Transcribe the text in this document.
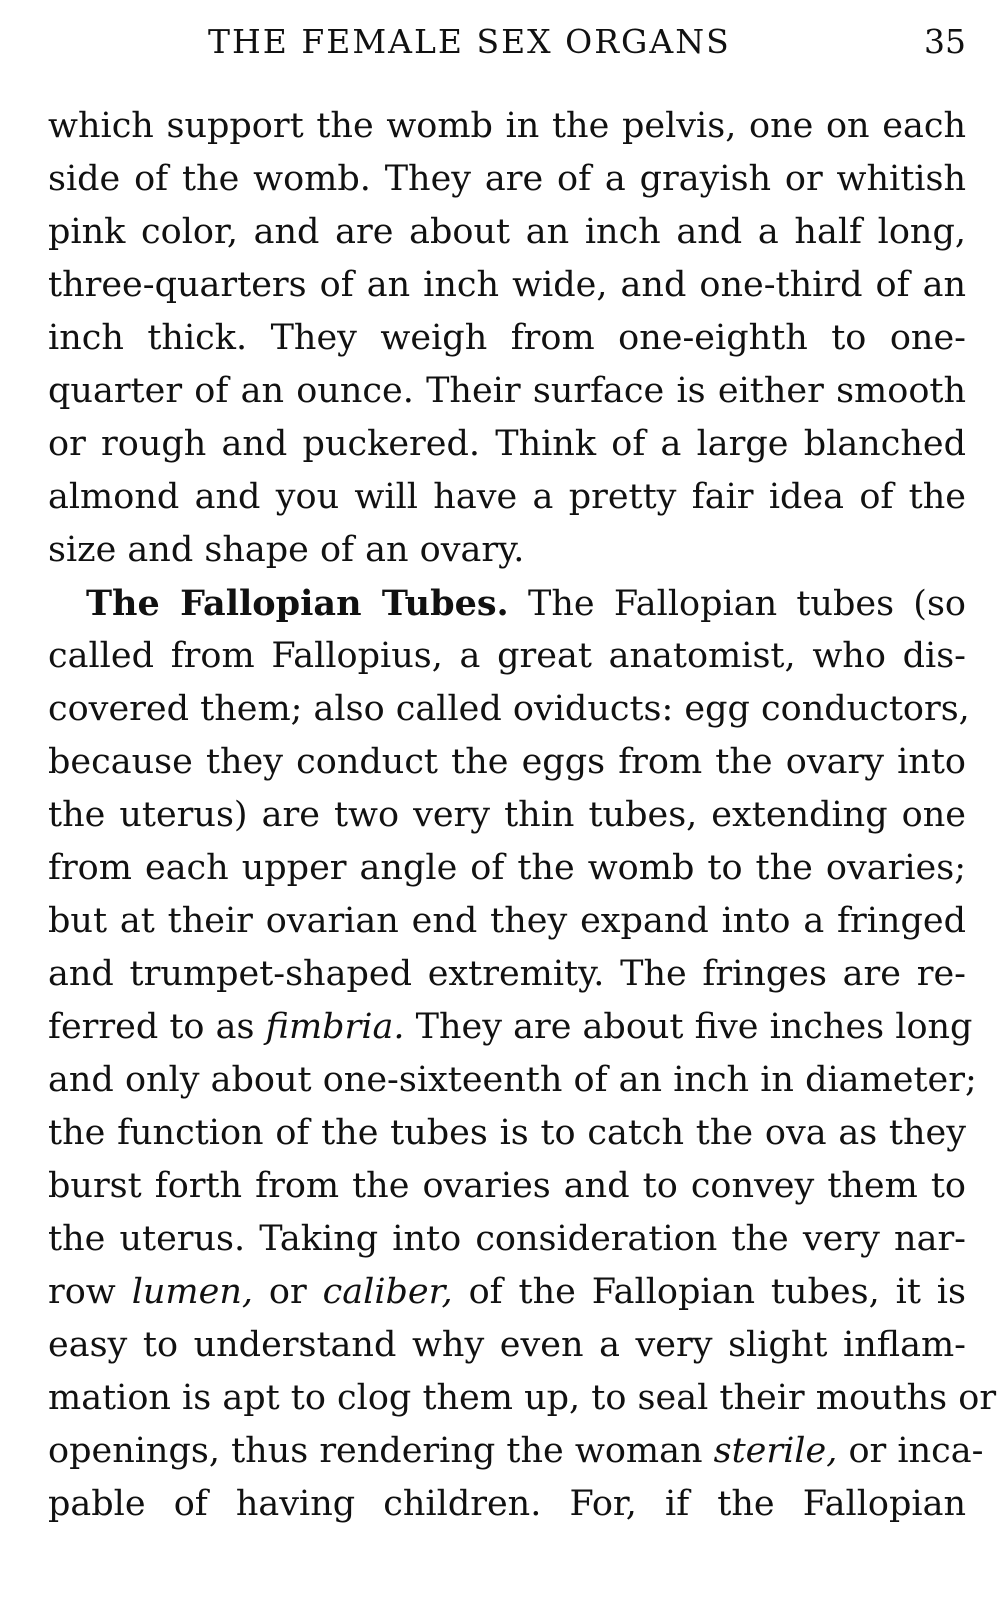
THE FEMALE SEX ORGANS	35
which support the womb in the pelvis, one on each
side of the womb. They are of a grayish or whitish
pink color, and are about an inch and a half long,
three-quarters of an inch wide, and one-third of an
inch thick. They weigh from one-eighth to one-
quarter of an ounce. Their surface is either smooth
or rough and puckered. Think of a large blanched
almond and you will have a pretty fair idea of the
size and shape of an ovary.
The Fallopian Tubes. The Fallopian tubes (so
called from Fallopius, a great anatomist, who dis-
covered them; also called oviducts: egg conductors,
because they conduct the eggs from the ovary into
the uterus) are two very thin tubes, extending one
from each upper angle of the womb to the ovaries;
but at their ovarian end they expand into a fringed
and trumpet-shaped extremity. The fringes are re-
ferred to as fimbria. They are about five inches long
and only about one-sixteenth of an inch in diameter;
the function of the tubes is to catch the ova as they
burst forth from the ovaries and to convey them to
the uterus. Taking into consideration the very nar-
row lumen, or caliber, of the Fallopian tubes, it is
easy to understand why even a very slight inflam-
mation is apt to clog them up, to seal their mouths or
openings, thus rendering the woman sterile, or inca-
pable of having children. For, if the Fallopian
